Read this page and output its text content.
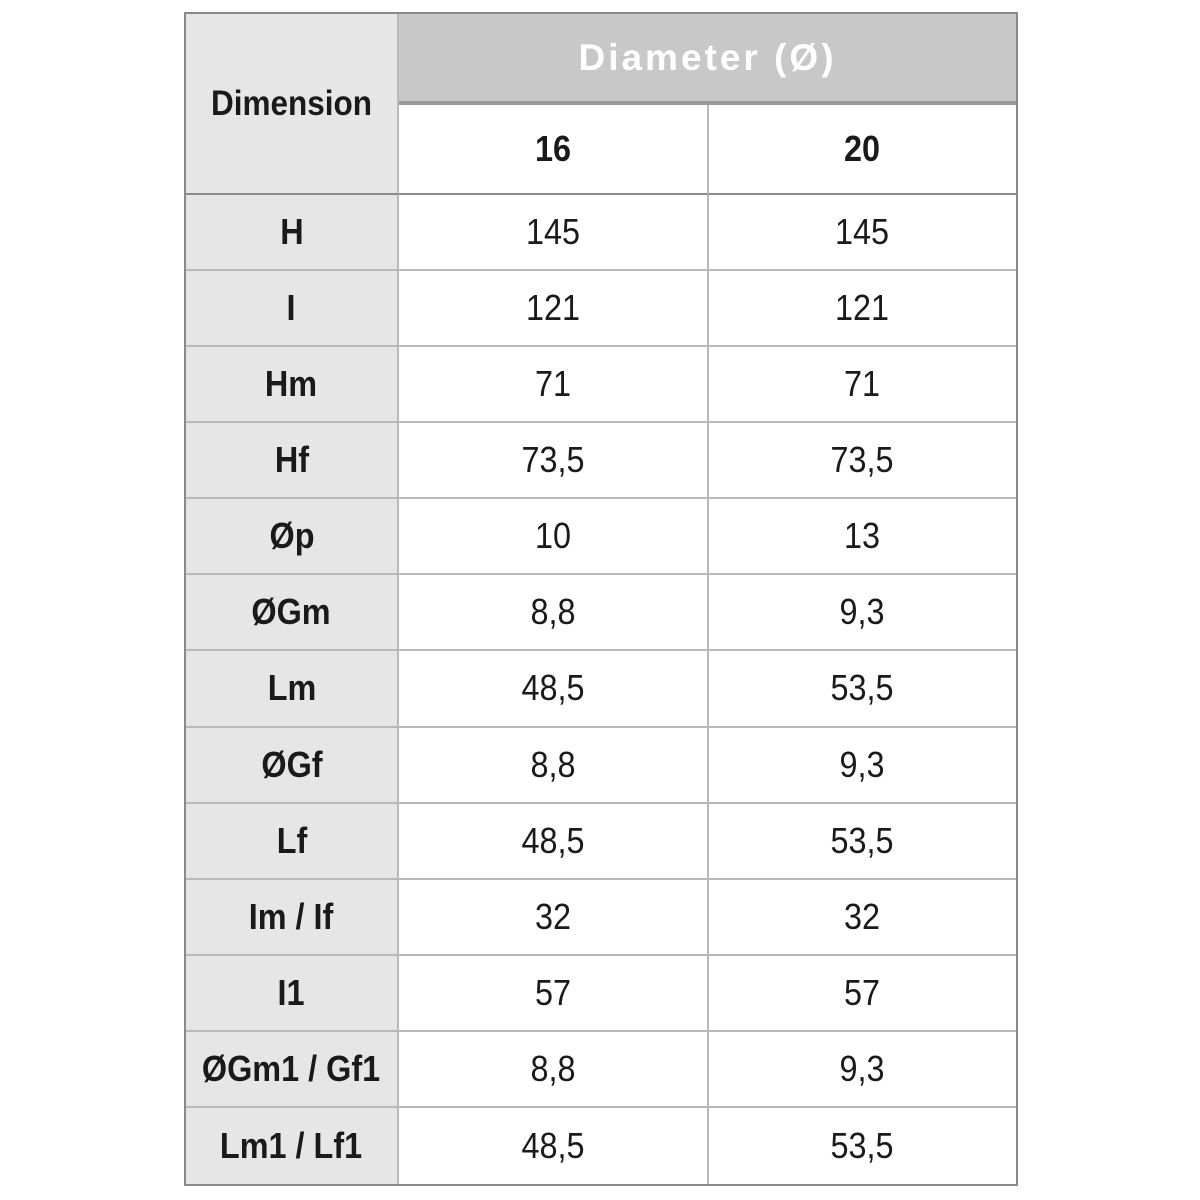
Dimension
Diameter (Ø)
16	20
H	145	145
I	121	121
Hm	71	71
Hf	73,5	73,5
Øp	10	13
ØGm	8,8	9,3
Lm	48,5	53,5
ØGf	8,8	9,3
Lf	48,5	53,5
Im / If	32	32
I1	57	57
ØGm1 / Gf1	8,8	9,3
Lm1 / Lf1	48,5	53,5
